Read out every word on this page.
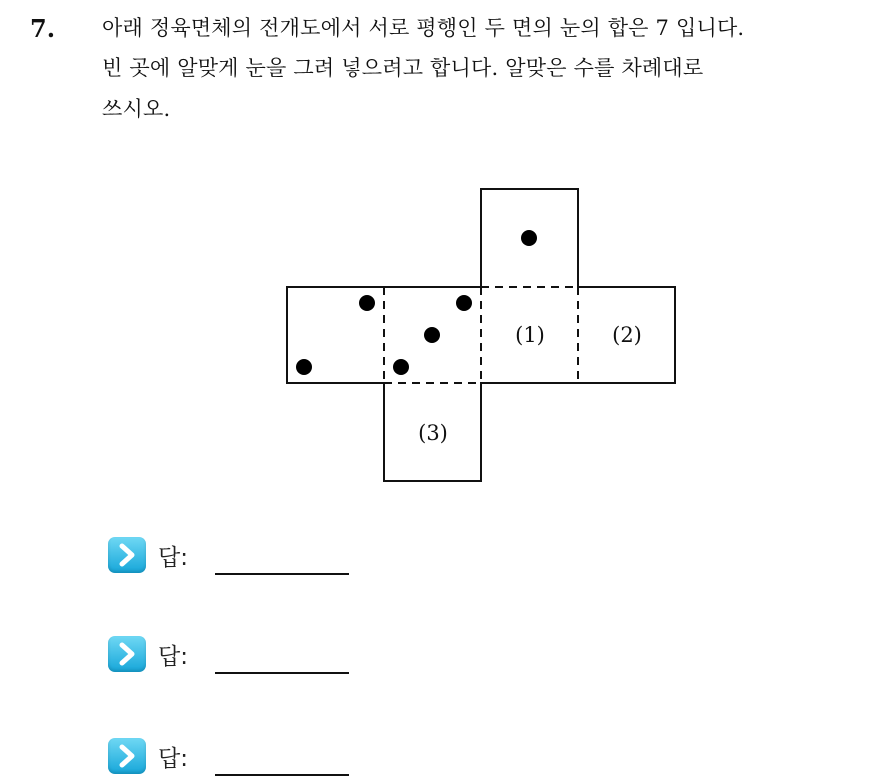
7. 아래 정육면체의 전개도에서 서로 평행인 두 면의 눈의 합은 7 입니다.
빈 곳에 알맞게 눈을 그려 넣으려고 합니다. 알맞은 수를 차례대로
쓰시오.
(1)	(2)
(3)
답:
답:
답:
